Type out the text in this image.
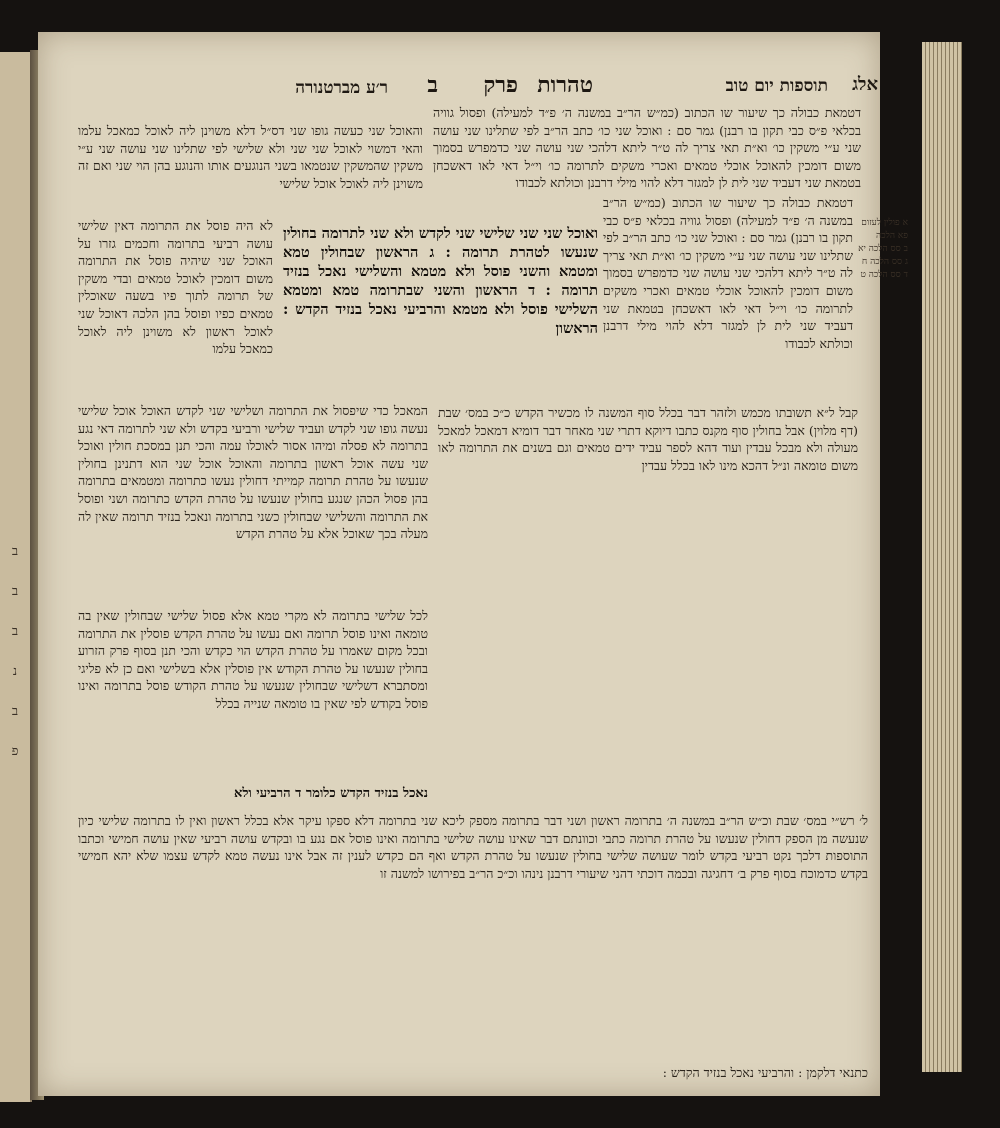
ב
ב
ב
נ
ב
פ
אלג
תוספות יום טוב
טהרות
פרק
ב
ר׳ע מברטנורה
דטמאת כבולה כך שיעור שו הכתוב (כמ״ש הר״ב במשנה ה׳ פ״ד למעילה) ופסול גוויה בכלאי פ״ס כבי תקון בו רבנן) גמר סם : ואוכל שני כו׳ כתב הר״ב לפי שתלינו שני עושה שני ע״י משקין כו׳ וא״ת תאי צריך לה ט״ר ליתא דלהכי שני עושה שני כדמפרש בסמוך משום דומכין להאוכל אוכלי טמאים ואכרי משקים לתרומה כו׳ וי״ל דאי לאו דאשכחן בטמאת שני דעביד שני לית לן למגזר דלא להוי מילי דרבנן וכולתא לכבודו
דטמאת כבולה כך שיעור שו הכתוב (כמ״ש הר״ב במשנה ה׳ פ״ד למעילה) ופסול גוויה בכלאי פ״ס כבי תקון בו רבנן) גמר סם : ואוכל שני כו׳ כתב הר״ב לפי שתלינו שני עושה שני ע״י משקין כו׳ וא״ת תאי צריך לה ט״ר ליתא דלהכי שני עושה שני כדמפרש בסמוך משום דומכין להאוכל אוכלי טמאים ואכרי משקים לתרומה כו׳ וי״ל דאי לאו דאשכחן בטמאת שני דעביד שני לית לן למגזר דלא להוי מילי דרבנן וכולתא לכבודו
א פולין לעזום
פא הלכה
ב סס הלכה יא
ג סס הלכה ח
ד סס הלכה ט
והאוכל שני כעשה גופו שני דס״ל דלא משוינן ליה לאוכל כמאכל עלמו והאי דמשוי לאוכל שני שני ולא שלישי לפי שתלינו שני עושה שני ע״י משקין שהמשקין שנטמאו בשני הנוגעים אותו והנוגע בהן הוי שני ואם זה משוינן ליה לאוכל אוכל שלישי
ואוכל שני שני שלישי שני לקדש ולא שני לתרומה בחולין שנעשו לטהרת תרומה : ג הראשון שבחולין טמא ומטמא והשני פוסל ולא מטמא והשלישי נאכל בנזיד תרומה : ד הראשון והשני שבתרומה טמא ומטמא השלישי פוסל ולא מטמא והרביעי נאכל בנזיד הקדש : הראשון
לא היה פוסל את התרומה דאין שלישי עושה רביעי בתרומה וחכמים גזרו על האוכל שני שיהיה פוסל את התרומה משום דומכין לאוכל טמאים ובדי משקין של תרומה לתוך פיו בשעה שאוכלין טמאים כפיו ופוסל בהן הלכה דאוכל שני לאוכל ראשון לא משוינן ליה לאוכל כמאכל עלמו
קבל ל״א תשובתו מכמש ולזהר דבר בכלל סוף המשנה לו מכשיר הקדש כ״כ במס׳ שבת (דף מלוין) אבל בחולין סוף מקנס כתבו דיוקא דתרי שני מאחר דבר דומיא דמאכל למאכל מעולה ולא מבכל עבדין ועוד דהא לספר עביד ידים טמאים וגם בשנים את התרומה לאו משום טומאה ונ״ל דהכא מינו לאו בכלל עבדין
המאכל כדי שיפסול את התרומה ושלישי שני לקדש האוכל אוכל שלישי נעשה גופו שני לקדש ועביד שלישי ורביעי בקדש ולא שני לתרומה דאי נגע בתרומה לא פסלה ומיהו אסור לאוכלו עמה והכי תנן במסכת חולין ואוכל שני עשה אוכל ראשון בתרומה והאוכל אוכל שני הוא דתנינן בחולין שנעשו על טהרת תרומה קמייתי דחולין נעשו כתרומה ומטמאים בתרומה בהן פסול הכהן שנגע בחולין שנעשו על טהרת הקדש כתרומה ושני ופוסל את התרומה והשלישי שבחולין כשני בתרומה ונאכל בנזיד תרומה שאין לה מעלה בכך שאוכל אלא על טהרת הקדש
לכל שלישי בתרומה לא מקרי טמא אלא פסול שלישי שבחולין שאין בה טומאה ואינו פוסל תרומה ואם נעשו על טהרת הקדש פוסלין את התרומה ובכל מקום שאמרו על טהרת הקדש הוי כקדש והכי תנן בסוף פרק הזרוע בחולין שנעשו על טהרת הקודש אין פוסלין אלא בשלישי ואם כן לא פליגי ומסתברא דשלישי שבחולין שנעשו על טהרת הקודש פוסל בתרומה ואינו פוסל בקודש לפי שאין בו טומאה שנייה בכלל
נאכל בנזיד הקדש כלומר ד הרביעי ולא
ל׳ רש״י במס׳ שבת וכ״ש הר״ב במשנה ה׳ בתרומה ראשון ושני דבר בתרומה מספק ליכא שני בתרומה דלא ספקו עיקר אלא בכלל ראשון ואין לו בתרומה שלישי כיון שנעשה מן הספק דחולין שנעשו על טהרת תרומה כתבי וכוונתם דבר שאינו עושה שלישי בתרומה ואינו פוסל אם נגע בו ובקדש עושה רביעי שאין עושה חמישי וכתבו התוספות דלכך נקט רביעי בקדש לומר שעושה שלישי בחולין שנעשו על טהרת הקדש ואף הם כקדש לענין זה אבל אינו נעשה טמא לקדש עצמו שלא יהא חמישי בקדש כדמוכח בסוף פרק ב׳ דחגיגה ובכמה דוכתי דהני שיעורי דרבנן נינהו וכ״כ הר״ב בפירושו למשנה זו
כתנאי דלקמן : והרביעי נאכל בנזיד הקדש :
